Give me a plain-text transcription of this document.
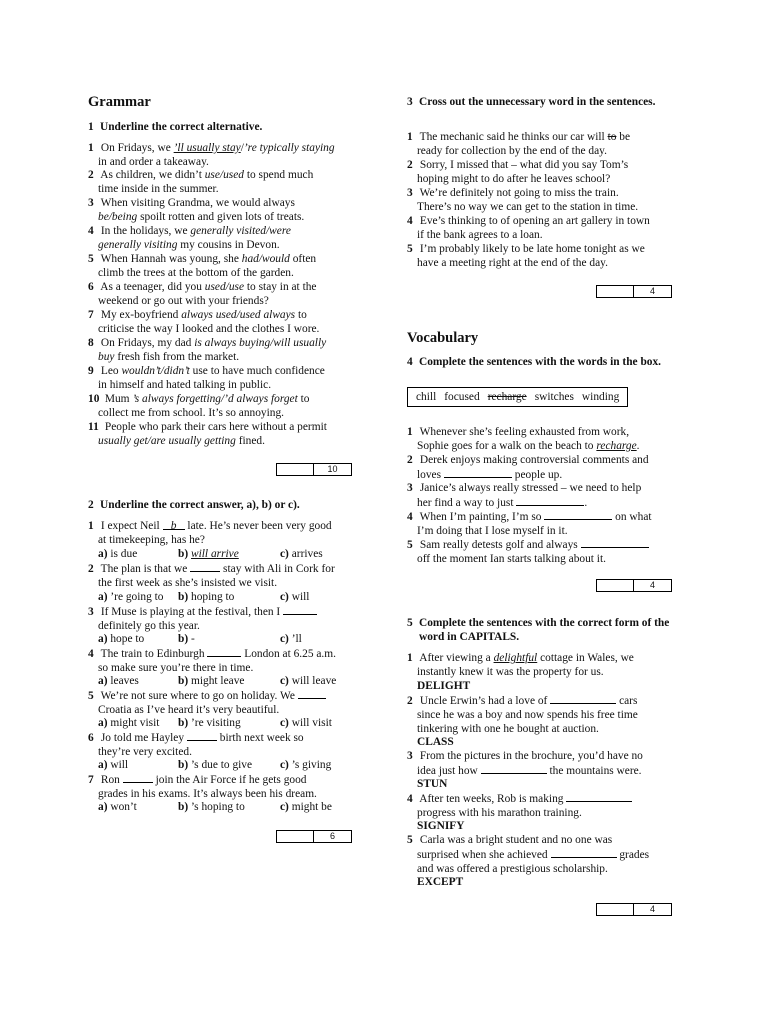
Grammar
1 Underline the correct alternative.
1 On Fridays, we ’ll usually stay/’re typically staying
in and order a takeaway.
2 As children, we didn’t use/used to spend much
time inside in the summer.
3 When visiting Grandma, we would always
be/being spoilt rotten and given lots of treats.
4 In the holidays, we generally visited/were
generally visiting my cousins in Devon.
5 When Hannah was young, she had/would often
climb the trees at the bottom of the garden.
6 As a teenager, did you used/use to stay in at the
weekend or go out with your friends?
7 My ex-boyfriend always used/used always to
criticise the way I looked and the clothes I wore.
8 On Fridays, my dad is always buying/will usually
buy fresh fish from the market.
9 Leo wouldn’t/didn’t use to have much confidence
in himself and hated talking in public.
10 Mum ’s always forgetting/’d always forget to
collect me from school. It’s so annoying.
11 People who park their cars here without a permit
usually get/are usually getting fined.
10
2 Underline the correct answer, a), b) or c).
1 I expect Neil b late. He’s never been very good
at timekeeping, has he?
a) is due	b) will arrive	c) arrives
2 The plan is that we	stay with Ali in Cork for
the first week as she’s insisted we visit.
a) ’re going to b) hoping to	c) will
3 If Muse is playing at the festival, then I
definitely go this year.
a) hope to	b) -	c) ’ll
4 The train to Edinburgh	London at 6.25 a.m.
so make sure you’re there in time.
a) leaves	b) might leave	c) will leave
5 We’re not sure where to go on holiday. We
Croatia as I’ve heard it’s very beautiful.
a) might visit b) ’re visiting	c) will visit
6 Jo told me Hayley	birth next week so
they’re very excited.
a) will	b) ’s due to give c) ’s giving
7 Ron	join the Air Force if he gets good
grades in his exams. It’s always been his dream.
a) won’t	b) ’s hoping to	c) might be
6
3 Cross out the unnecessary word in the sentences.
1 The mechanic said he thinks our car will to be
ready for collection by the end of the day.
2 Sorry, I missed that – what did you say Tom’s
hoping might to do after he leaves school?
3 We’re definitely not going to miss the train.
There’s no way we can get to the station in time.
4 Eve’s thinking to of opening an art gallery in town
if the bank agrees to a loan.
5 I’m probably likely to be late home tonight as we
have a meeting right at the end of the day.
4
Vocabulary
4 Complete the sentences with the words in the box.
chill focused recharge switches winding
1 Whenever she’s feeling exhausted from work,
Sophie goes for a walk on the beach to recharge.
2 Derek enjoys making controversial comments and
loves	people up.
3 Janice’s always really stressed – we need to help
her find a way to just	.
4 When I’m painting, I’m so	on what
I’m doing that I lose myself in it.
5 Sam really detests golf and always
off the moment Ian starts talking about it.
4
5 Complete the sentences with the correct form of the word in CAPITALS.
1 After viewing a delightful cottage in Wales, we
instantly knew it was the property for us.
DELIGHT
2 Uncle Erwin’s had a love of	cars
since he was a boy and now spends his free time
tinkering with one he bought at auction.
CLASS
3 From the pictures in the brochure, you’d have no
idea just how	the mountains were.
STUN
4 After ten weeks, Rob is making
progress with his marathon training.
SIGNIFY
5 Carla was a bright student and no one was
surprised when she achieved	grades
and was offered a prestigious scholarship.
EXCEPT
4
